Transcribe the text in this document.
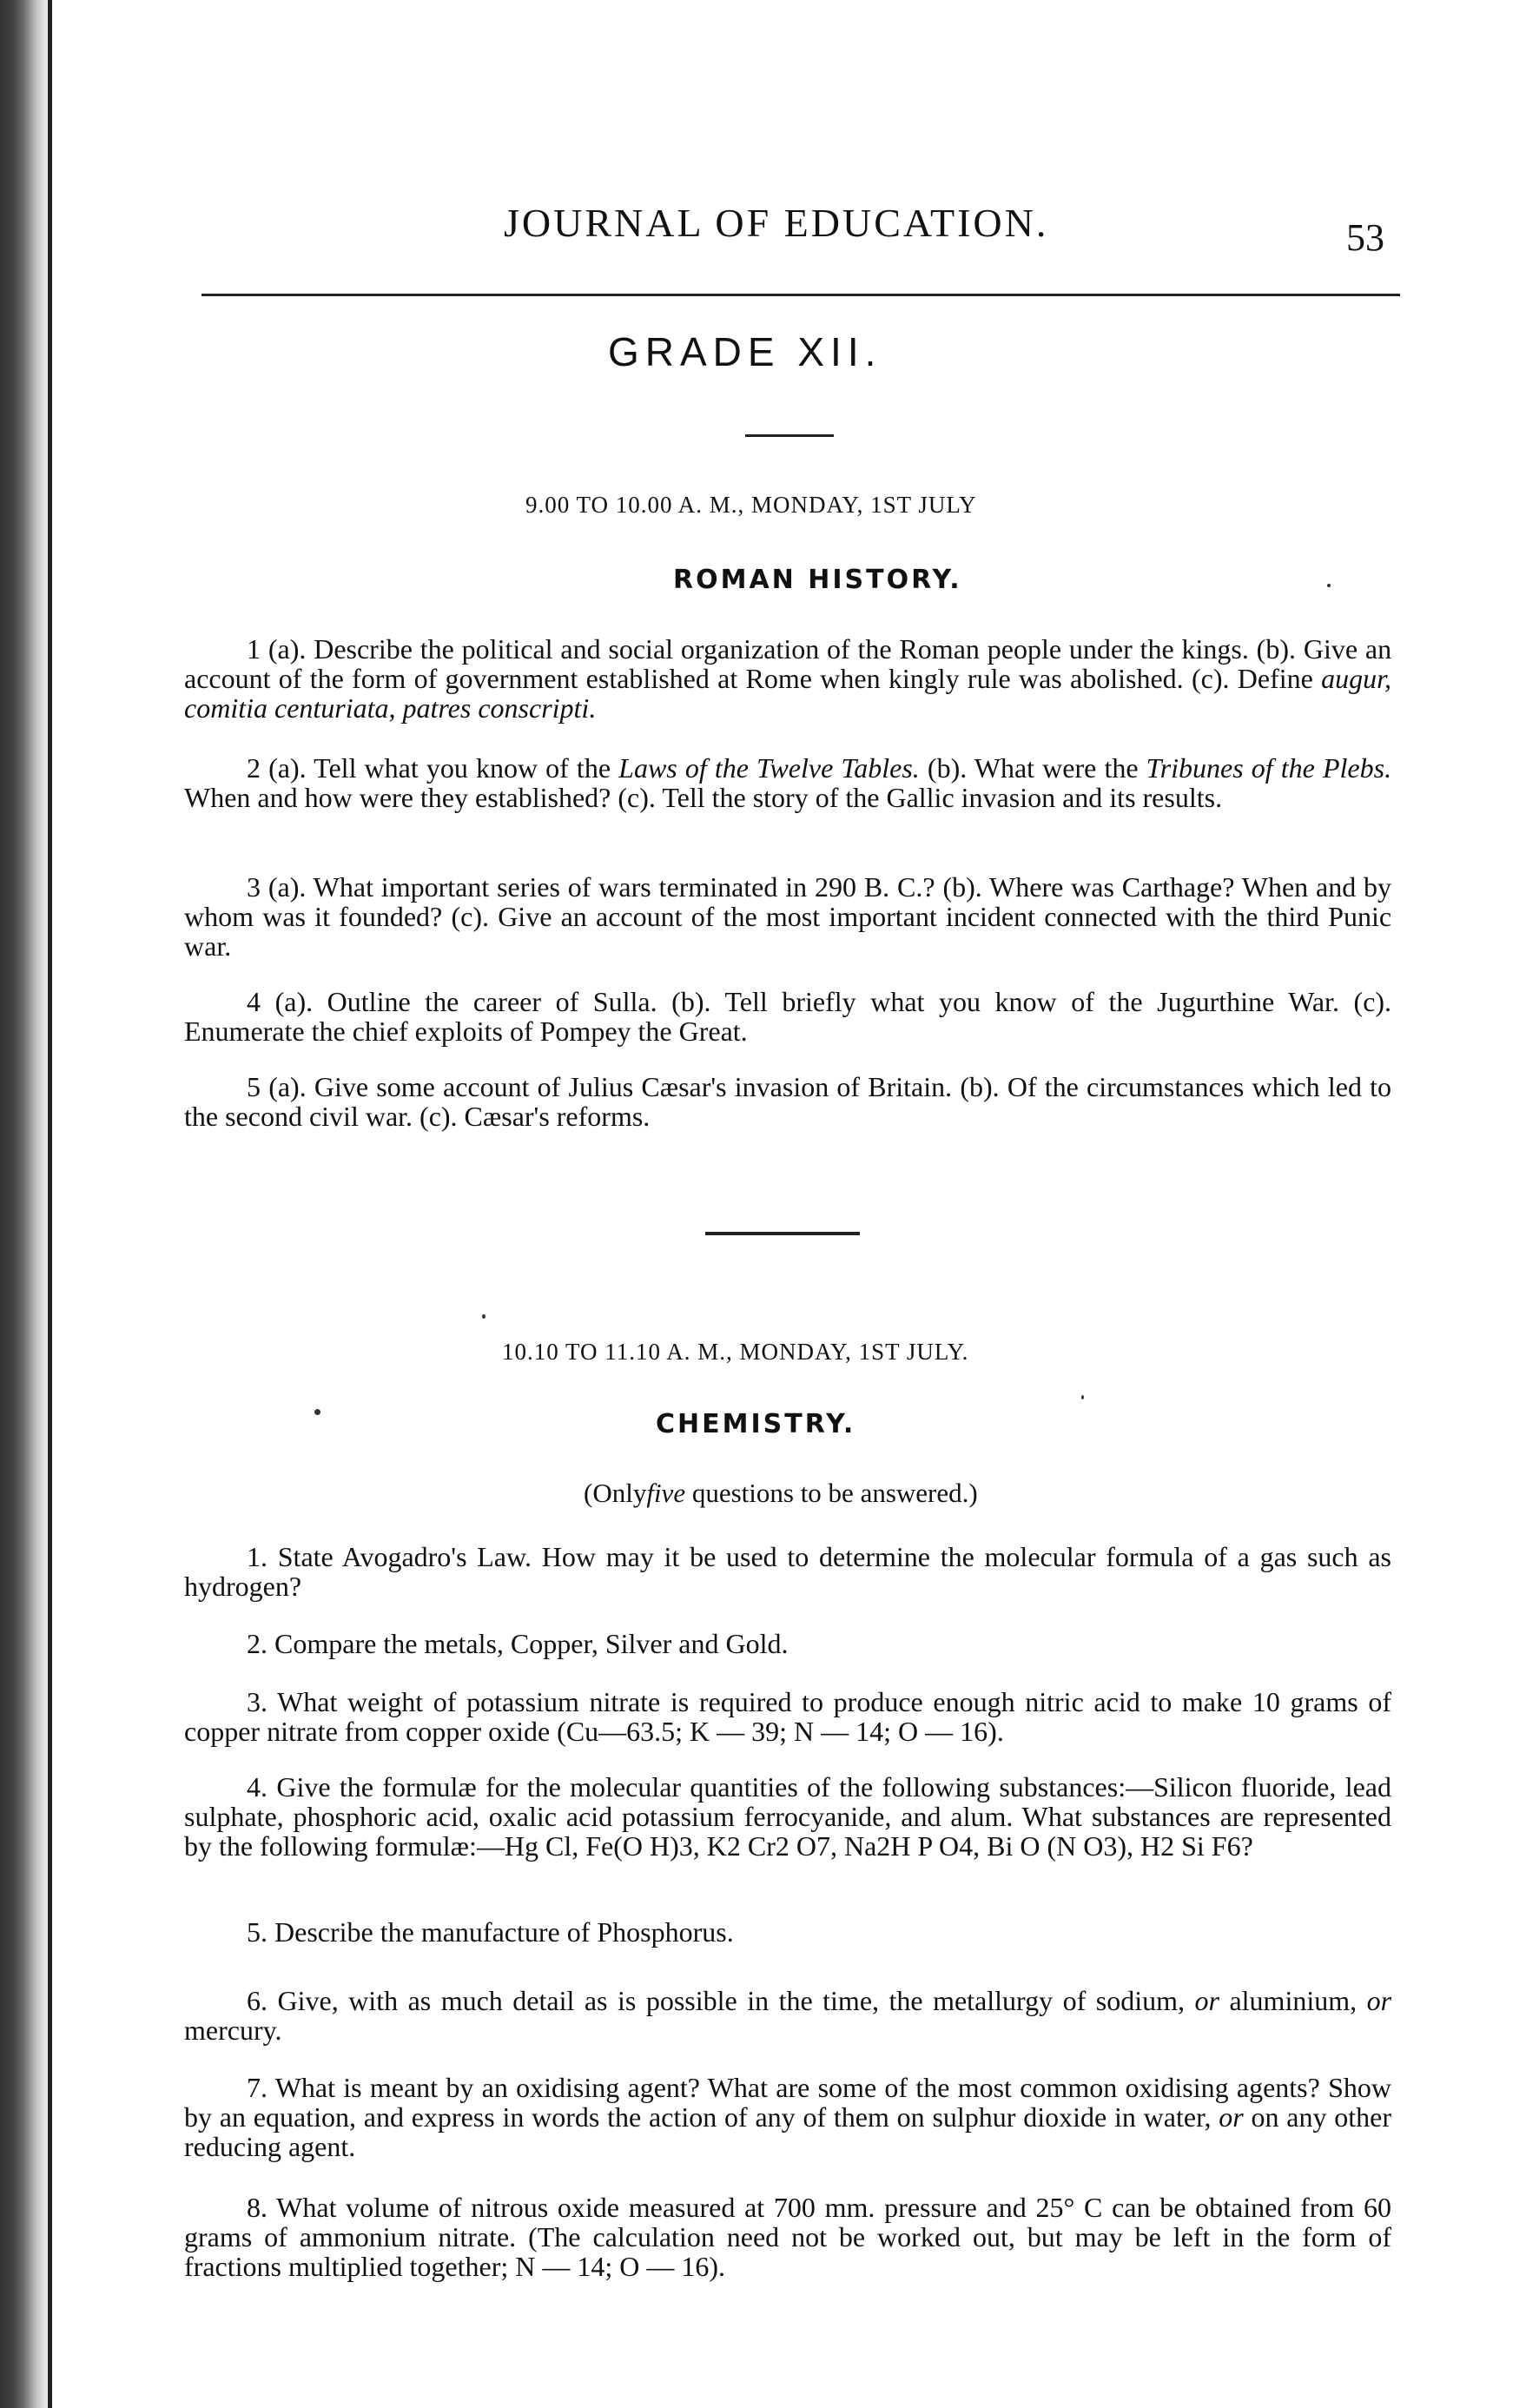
JOURNAL OF EDUCATION.	53
GRADE XII.
9.00 TO 10.00 A. M., MONDAY, 1ST JULY
ROMAN HISTORY.
1 (a). Describe the political and social organization of the Roman people under the kings. (b). Give an account of the form of government established at Rome when kingly rule was abolished. (c). Define augur, comitia centuriata, patres conscripti.
2 (a). Tell what you know of the Laws of the Twelve Tables. (b). What were the Tribunes of the Plebs. When and how were they established? (c). Tell the story of the Gallic invasion and its results.
3 (a). What important series of wars terminated in 290 B. C.? (b). Where was Carthage? When and by whom was it founded? (c). Give an account of the most important incident connected with the third Punic war.
4 (a). Outline the career of Sulla. (b). Tell briefly what you know of the Jugurthine War. (c). Enumerate the chief exploits of Pompey the Great.
5 (a). Give some account of Julius Cæsar's invasion of Britain. (b). Of the circumstances which led to the second civil war. (c). Cæsar's reforms.
10.10 TO 11.10 A. M., MONDAY, 1ST JULY.
CHEMISTRY.
(Onlyfive questions to be answered.)
1. State Avogadro's Law. How may it be used to determine the molecular formula of a gas such as hydrogen?
2. Compare the metals, Copper, Silver and Gold.
3. What weight of potassium nitrate is required to produce enough nitric acid to make 10 grams of copper nitrate from copper oxide (Cu—63.5; K — 39; N — 14; O — 16).
4. Give the formulæ for the molecular quantities of the following substances:—Silicon fluoride, lead sulphate, phosphoric acid, oxalic acid potassium ferrocyanide, and alum. What substances are represented by the following formulæ:—Hg Cl, Fe(O H)3, K2 Cr2 O7, Na2H P O4, Bi O (N O3), H2 Si F6?
5. Describe the manufacture of Phosphorus.
6. Give, with as much detail as is possible in the time, the metallurgy of sodium, or aluminium, or mercury.
7. What is meant by an oxidising agent? What are some of the most common oxidising agents? Show by an equation, and express in words the action of any of them on sulphur dioxide in water, or on any other reducing agent.
8. What volume of nitrous oxide measured at 700 mm. pressure and 25° C can be obtained from 60 grams of ammonium nitrate. (The calculation need not be worked out, but may be left in the form of fractions multiplied together; N — 14; O — 16).
